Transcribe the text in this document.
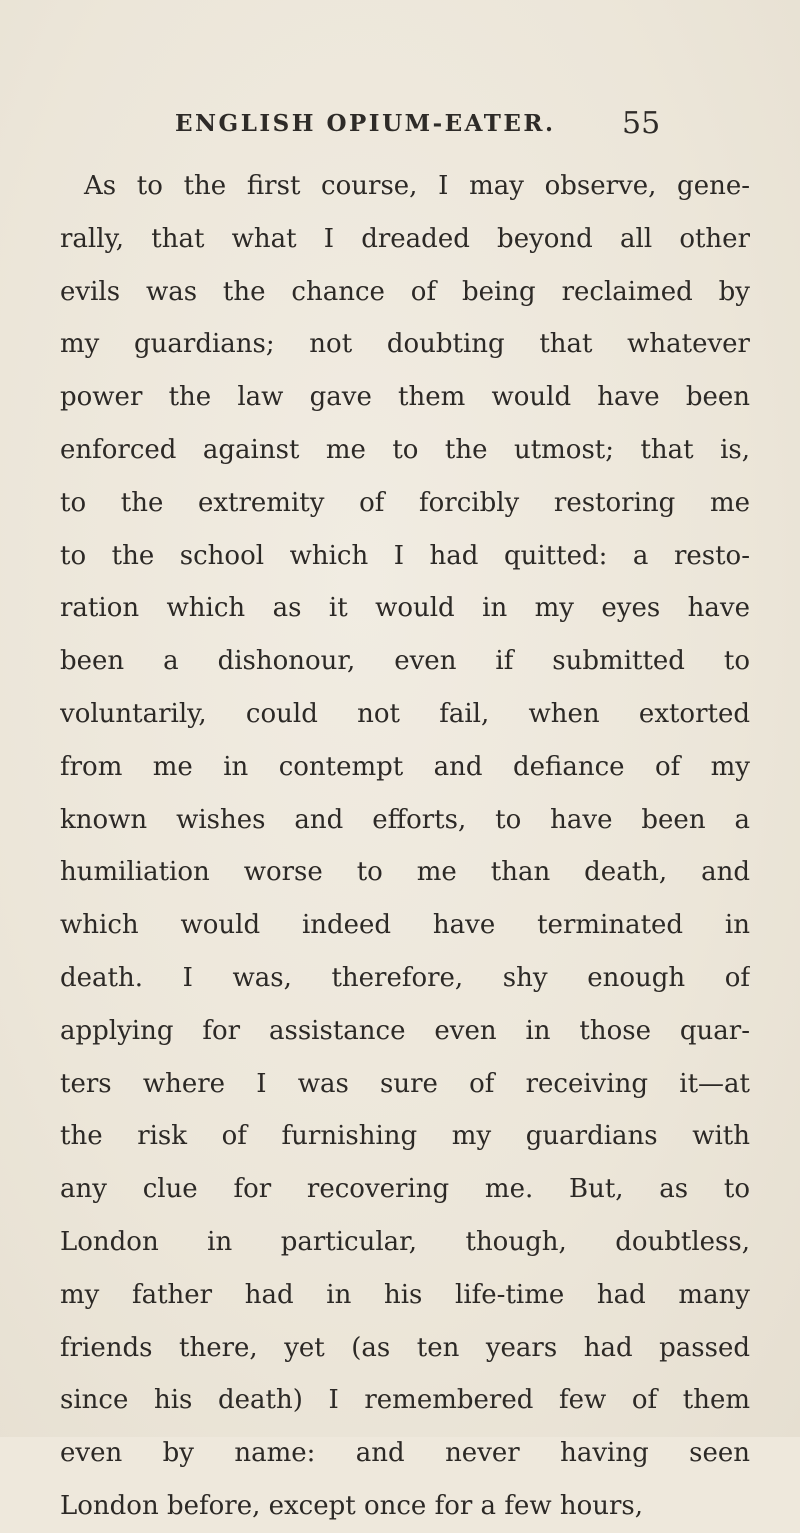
ENGLISH OPIUM-EATER. 55
As to the first course, I may observe, gene-
rally, that what I dreaded beyond all other
evils was the chance of being reclaimed by
my guardians; not doubting that whatever
power the law gave them would have been
enforced against me to the utmost; that is,
to the extremity of forcibly restoring me
to the school which I had quitted: a resto-
ration which as it would in my eyes have
been a dishonour, even if submitted to
voluntarily, could not fail, when extorted
from me in contempt and defiance of my
known wishes and efforts, to have been a
humiliation worse to me than death, and
which would indeed have terminated in
death. I was, therefore, shy enough of
applying for assistance even in those quar-
ters where I was sure of receiving it—at
the risk of furnishing my guardians with
any clue for recovering me. But, as to
London in particular, though, doubtless,
my father had in his life-time had many
friends there, yet (as ten years had passed
since his death) I remembered few of them
even by name: and never having seen
London before, except once for a few hours,
